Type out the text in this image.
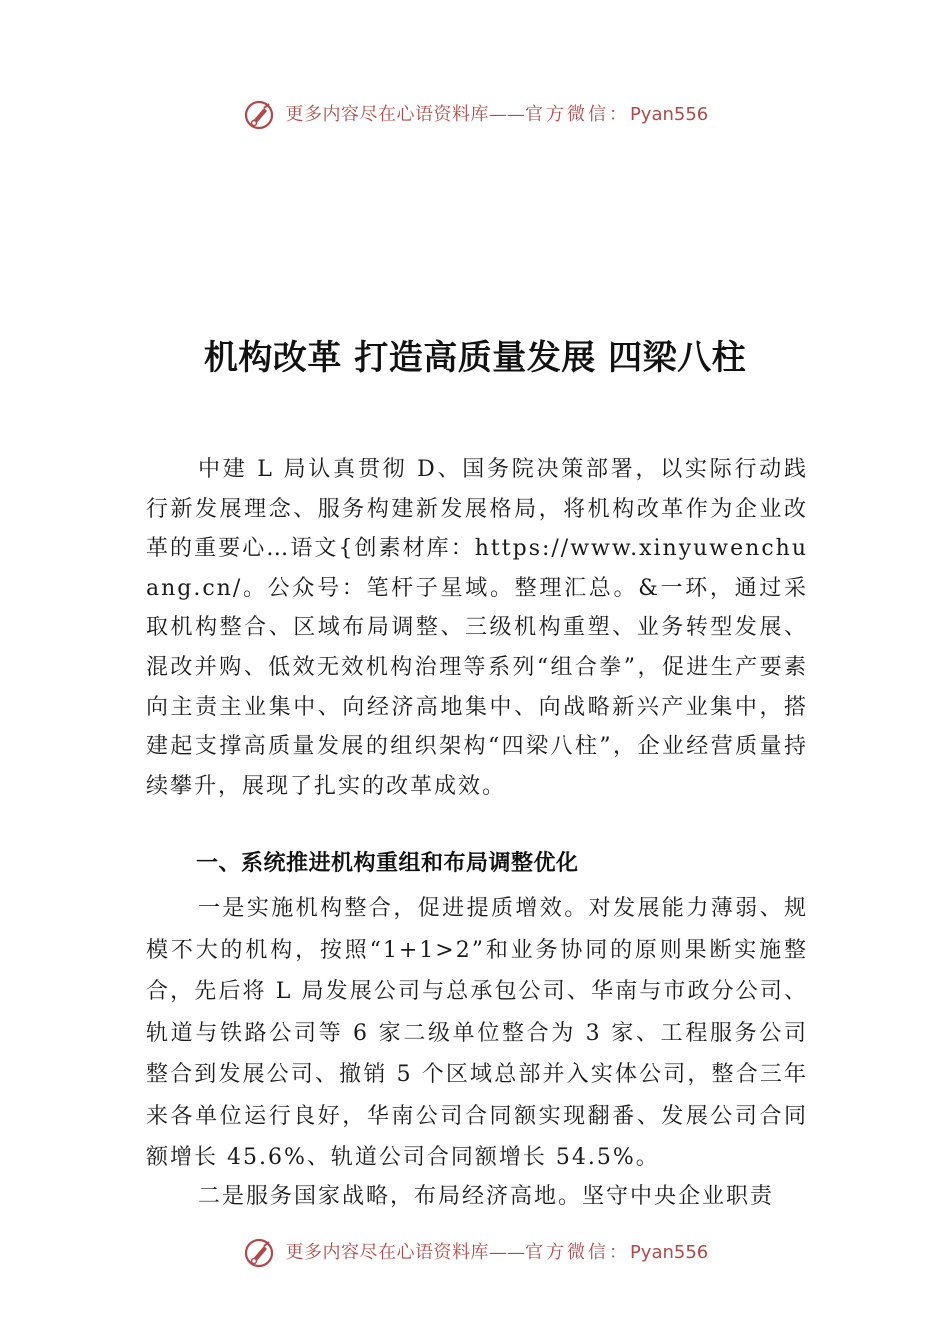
更多内容尽在心语资料库——官方微信：Pyan556
机构改革 打造高质量发展 四梁八柱

中建 L 局认真贯彻 D、国务院决策部署，以实际行动践行新发展理念、服务构建新发展格局，将机构改革作为企业改革的重要心…语文{创素材库：https://www.xinyuwenchuang.cn/。公众号：笔杆子星域。整理汇总。&一环，通过采取机构整合、区域布局调整、三级机构重塑、业务转型发展、混改并购、低效无效机构治理等系列“组合拳”，促进生产要素向主责主业集中、向经济高地集中、向战略新兴产业集中，搭建起支撑高质量发展的组织架构“四梁八柱”，企业经营质量持续攀升，展现了扎实的改革成效。

一、系统推进机构重组和布局调整优化

一是实施机构整合，促进提质增效。对发展能力薄弱、规模不大的机构，按照“1+1>2”和业务协同的原则果断实施整合，先后将 L 局发展公司与总承包公司、华南与市政分公司、轨道与铁路公司等 6 家二级单位整合为 3 家、工程服务公司整合到发展公司、撤销 5 个区域总部并入实体公司，整合三年来各单位运行良好，华南公司合同额实现翻番、发展公司合同额增长 45.6%、轨道公司合同额增长 54.5%。

二是服务国家战略，布局经济高地。坚守中央企业职责

更多内容尽在心语资料库——官方微信：Pyan556
